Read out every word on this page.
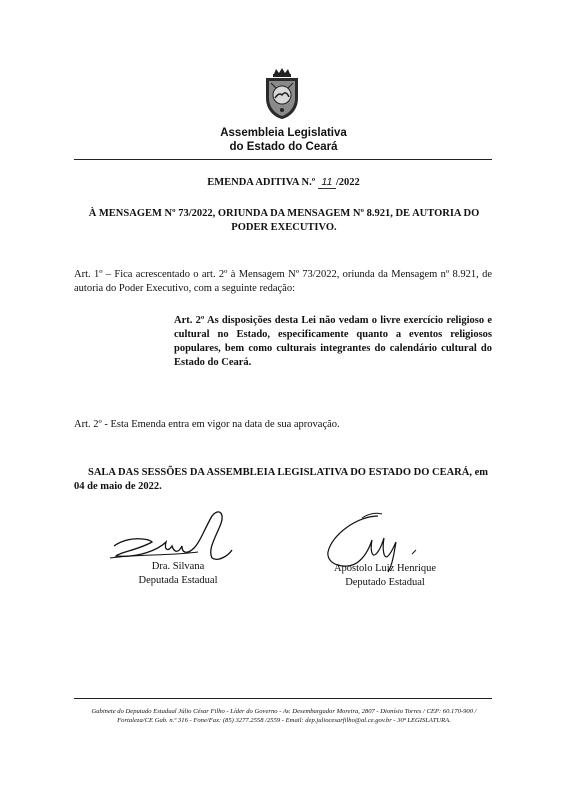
Assembleia Legislativa
do Estado do Ceará
EMENDA ADITIVA N.º 11 /2022
À MENSAGEM Nº 73/2022, ORIUNDA DA MENSAGEM Nº 8.921, DE AUTORIA DO PODER EXECUTIVO.
Art. 1º – Fica acrescentado o art. 2º à Mensagem Nº 73/2022, oriunda da Mensagem nº 8.921, de autoria do Poder Executivo, com a seguinte redação:
Art. 2º As disposições desta Lei não vedam o livre exercício religioso e cultural no Estado, especificamente quanto a eventos religiosos populares, bem como culturais integrantes do calendário cultural do Estado do Ceará.
Art. 2º - Esta Emenda entra em vigor na data de sua aprovação.
SALA DAS SESSÕES DA ASSEMBLEIA LEGISLATIVA DO ESTADO DO CEARÁ, em
04 de maio de 2022.
Dra. Silvana
Deputada Estadual
Apostolo Luiz Henrique
Deputado Estadual
Gabinete do Deputado Estadual Júlio César Filho - Líder do Governo - Av. Desembargador Moreira, 2807 - Dionísio Torres / CEP: 60.170-900 /
Fortaleza/CE Gab. n.º 316 - Fone/Fax: (85) 3277.2558 /2559 - Email: dep.juliocesarfilho@al.ce.gov.br - 30ª LEGISLATURA.
